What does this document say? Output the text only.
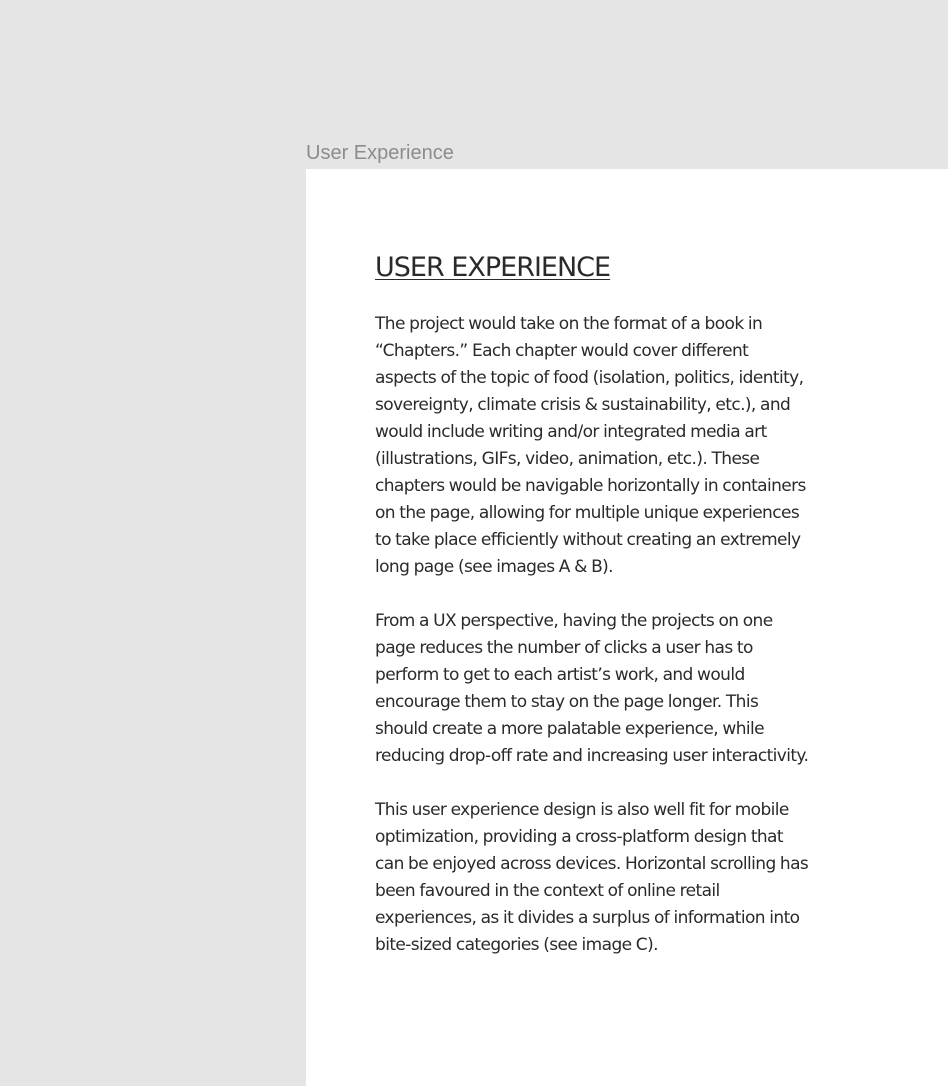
User Experience
USER EXPERIENCE

The project would take on the format of a book in “Chapters.” Each chapter would cover different aspects of the topic of food (isolation, politics, identity, sovereignty, climate crisis & sustainability, etc.), and would include writing and/or integrated media art (illustrations, GIFs, video, animation, etc.). These chapters would be navigable horizontally in containers on the page, allowing for multiple unique experiences to take place efficiently without creating an extremely long page (see images A & B).

From a UX perspective, having the projects on one page reduces the number of clicks a user has to perform to get to each artist’s work, and would encourage them to stay on the page longer. This should create a more palatable experience, while reducing drop-off rate and increasing user interactivity.

This user experience design is also well fit for mobile optimization, providing a cross-platform design that can be enjoyed across devices. Horizontal scrolling has been favoured in the context of online retail experiences, as it divides a surplus of information into bite-sized categories (see image C).
